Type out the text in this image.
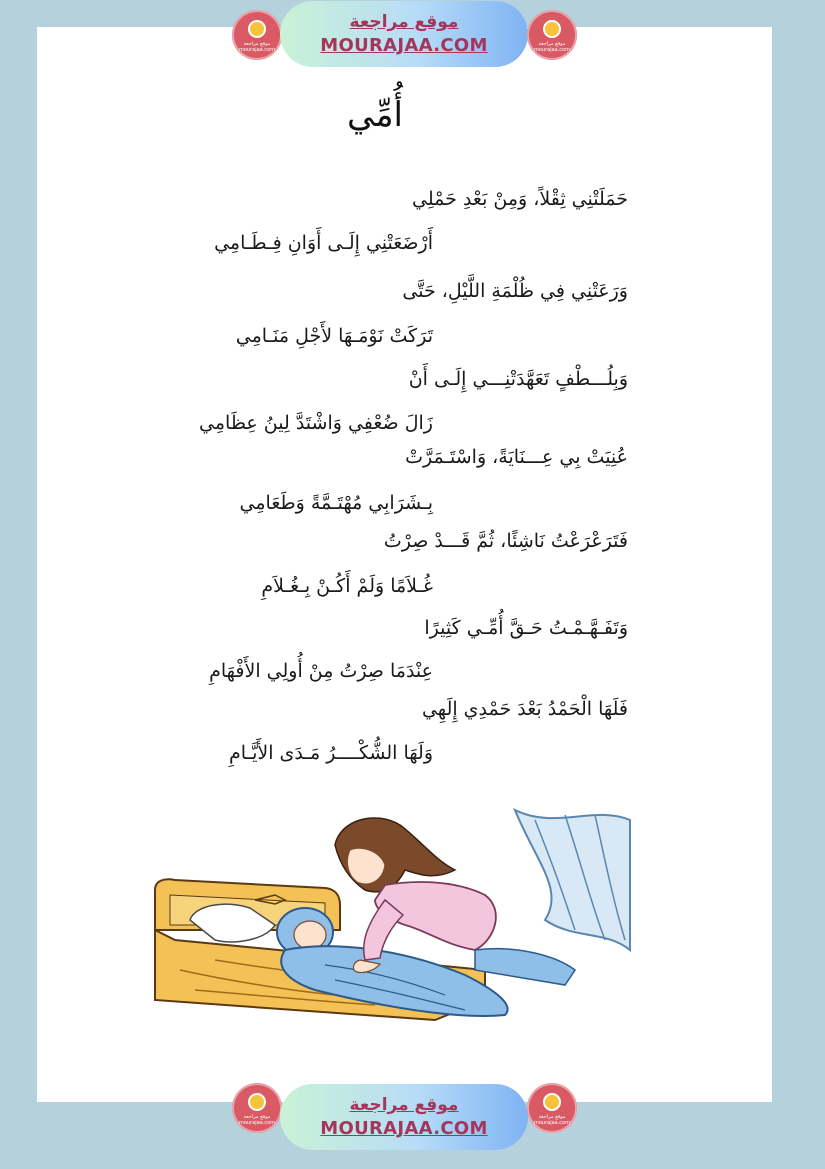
موقع مراجعة mourajaa.com
موقع مراجعة
MOURAJAA.COM	موقع مراجعة mourajaa.com
أُمِّي
حَمَلَتْنِي ثِقْلاً، وَمِنْ بَعْدِ حَمْلِي
أَرْضَعَتْنِي إِلَـى أَوَانِ فِـطَـامِي
وَرَعَتْنِي فِي ظُلْمَةِ اللَّيْلِ، حَتَّى
تَرَكَتْ نَوْمَـهَا لأَجْلِ مَنَـامِي
وَبِلُـــطْفٍ تَعَهَّدَتْنِـــي إِلَـى أَنْ
زَالَ ضُعْفِي وَاشْتَدَّ لِينُ عِظَامِي
عُنِيَتْ بِي عِـــنَايَةً، وَاسْتَـمَرَّتْ
بِـشَرَابِي مُهْتَـمَّةً وَطَعَامِي
فَتَرَعْرَعْتُ نَاشِئًا، ثُمَّ قَـــدْ صِرْتُ
غُـلاَمًا وَلَمْ أَكُـنْ بِـغُـلاَمِ
وَتَفَـهَّـمْـتُ حَـقَّ أُمِّـي كَثِيرًا
عِنْدَمَا صِرْتُ مِنْ أُولِي الأَفْهَامِ
فَلَهَا الْحَمْدُ بَعْدَ حَمْدِي إِلَهِي
وَلَهَا الشُّكْــــرُ مَـدَى الأَيَّـامِ
موقع مراجعة mourajaa.com
موقع مراجعة
MOURAJAA.COM
موقع مراجعة mourajaa.com
